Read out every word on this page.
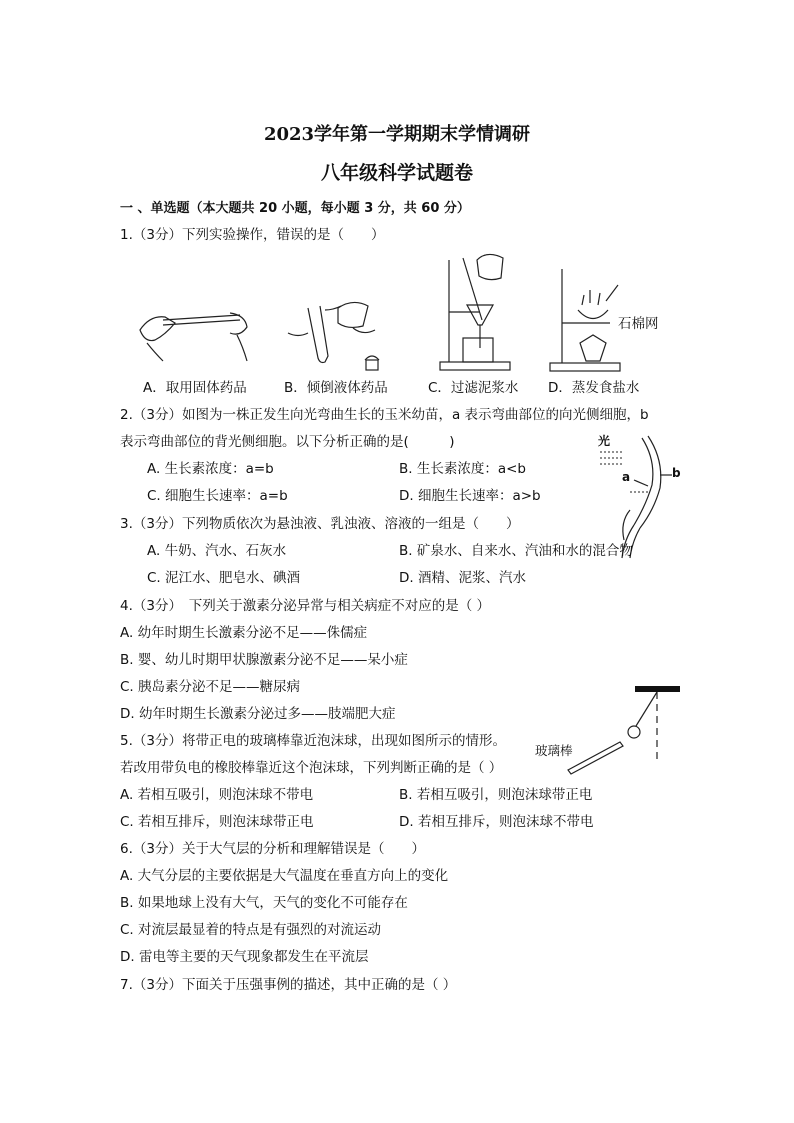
2023学年第一学期期末学情调研
八年级科学试题卷
一 、单选题（本大题共 20 小题，每小题 3 分，共 60 分）
1.（3分）下列实验操作，错误的是（　　）
石棉网
A．取用固体药品	B．倾倒液体药品	C．过滤泥浆水 D．蒸发食盐水
2.（3分）如图为一株正发生向光弯曲生长的玉米幼苗，a 表示弯曲部位的向光侧细胞，b
表示弯曲部位的背光侧细胞。以下分析正确的是(　　　)
A. 生长素浓度：a=b	B. 生长素浓度：a<b
C. 细胞生长速率：a=b	D. 细胞生长速率：a>b
光
a	b
3.（3分）下列物质依次为悬浊液、乳浊液、溶液的一组是（　　）
A. 牛奶、汽水、石灰水	B. 矿泉水、自来水、汽油和水的混合物
C. 泥江水、肥皂水、碘酒	D. 酒精、泥浆、汽水
4.（3分）　下列关于激素分泌异常与相关病症不对应的是（ ）
A. 幼年时期生长激素分泌不足——侏儒症
B. 婴、幼儿时期甲状腺激素分泌不足——呆小症
C. 胰岛素分泌不足——糖尿病
D. 幼年时期生长激素分泌过多——肢端肥大症
玻璃棒
5.（3分）将带正电的玻璃棒靠近泡沫球，出现如图所示的情形。
若改用带负电的橡胶棒靠近这个泡沫球，下列判断正确的是（ ）
A. 若相互吸引，则泡沫球不带电	B. 若相互吸引，则泡沫球带正电
C. 若相互排斥，则泡沫球带正电	D. 若相互排斥，则泡沫球不带电
6.（3分）关于大气层的分析和理解错误是（　　）
A. 大气分层的主要依据是大气温度在垂直方向上的变化
B. 如果地球上没有大气，天气的变化不可能存在
C. 对流层最显着的特点是有强烈的对流运动
D. 雷电等主要的天气现象都发生在平流层
7.（3分）下面关于压强事例的描述，其中正确的是（ ）
